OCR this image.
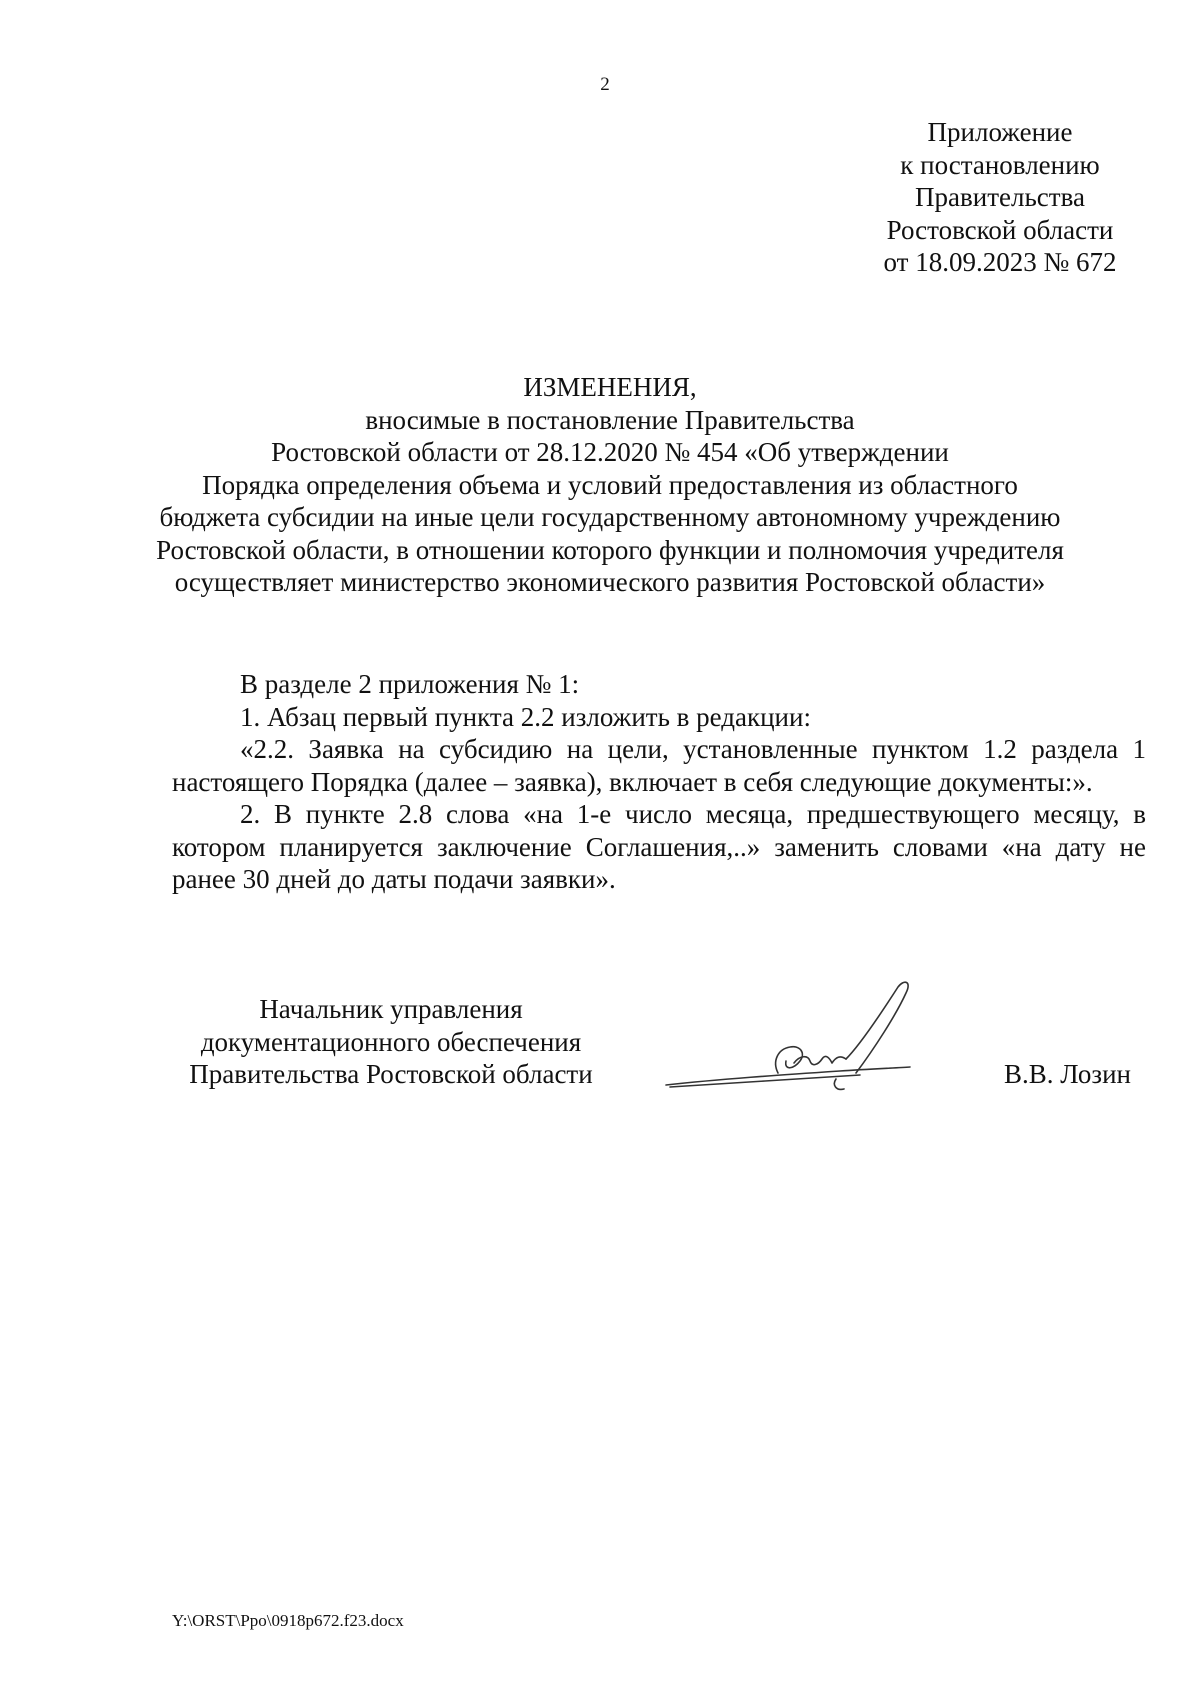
2
Приложение
к постановлению
Правительства
Ростовской области
от 18.09.2023 № 672
ИЗМЕНЕНИЯ,
вносимые в постановление Правительства
Ростовской области от 28.12.2020 № 454 «Об утверждении
Порядка определения объема и условий предоставления из областного
бюджета субсидии на иные цели государственному автономному учреждению
Ростовской области, в отношении которого функции и полномочия учредителя
осуществляет министерство экономического развития Ростовской области»

В разделе 2 приложения № 1:

1. Абзац первый пункта 2.2 изложить в редакции:

«2.2. Заявка на субсидию на цели, установленные пунктом 1.2 раздела 1 настоящего Порядка (далее – заявка), включает в себя следующие документы:».

2. В пункте 2.8 слова «на 1-е число месяца, предшествующего месяцу, в котором планируется заключение Соглашения,..» заменить словами «на дату не ранее 30 дней до даты подачи заявки».

Начальник управления
документационного обеспечения
Правительства Ростовской области	В.В. Лозин
Y:\ORST\Ppo\0918p672.f23.docx
